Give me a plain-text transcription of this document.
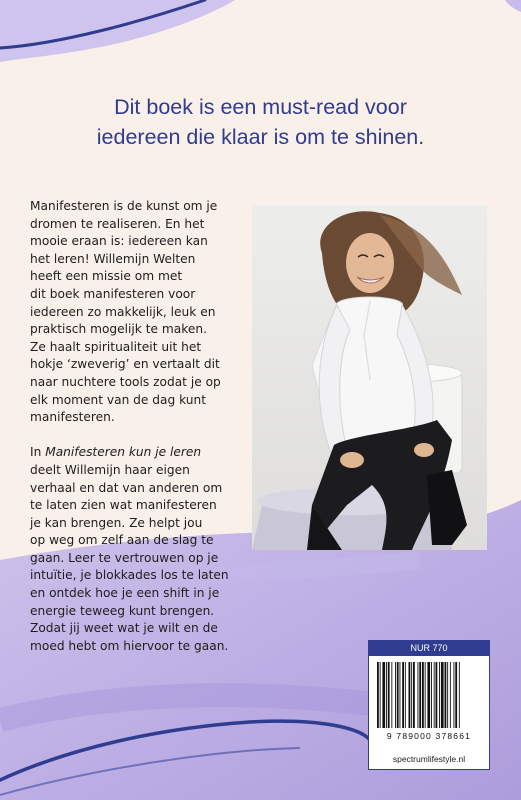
Dit boek is een must-read voor
iedereen die klaar is om te shinen.

Manifesteren is de kunst om je
dromen te realiseren. En het
mooie eraan is: iedereen kan
het leren! Willemijn Welten
heeft een missie om met
dit boek manifesteren voor
iedereen zo makkelijk, leuk en
praktisch mogelijk te maken.
Ze haalt spiritualiteit uit het
hokje ‘zweverig’ en vertaalt dit
naar nuchtere tools zodat je op
elk moment van de dag kunt
manifesteren.

In Manifesteren kun je leren
deelt Willemijn haar eigen
verhaal en dat van anderen om
te laten zien wat manifesteren
je kan brengen. Ze helpt jou
op weg om zelf aan de slag te
gaan. Leer te vertrouwen op je
intuïtie, je blokkades los te laten
en ontdek hoe je een shift in je
energie teweeg kunt brengen.
Zodat jij weet wat je wilt en de
moed hebt om hiervoor te gaan.	NUR 770
9 789000 378661
spectrumlifestyle.nl
